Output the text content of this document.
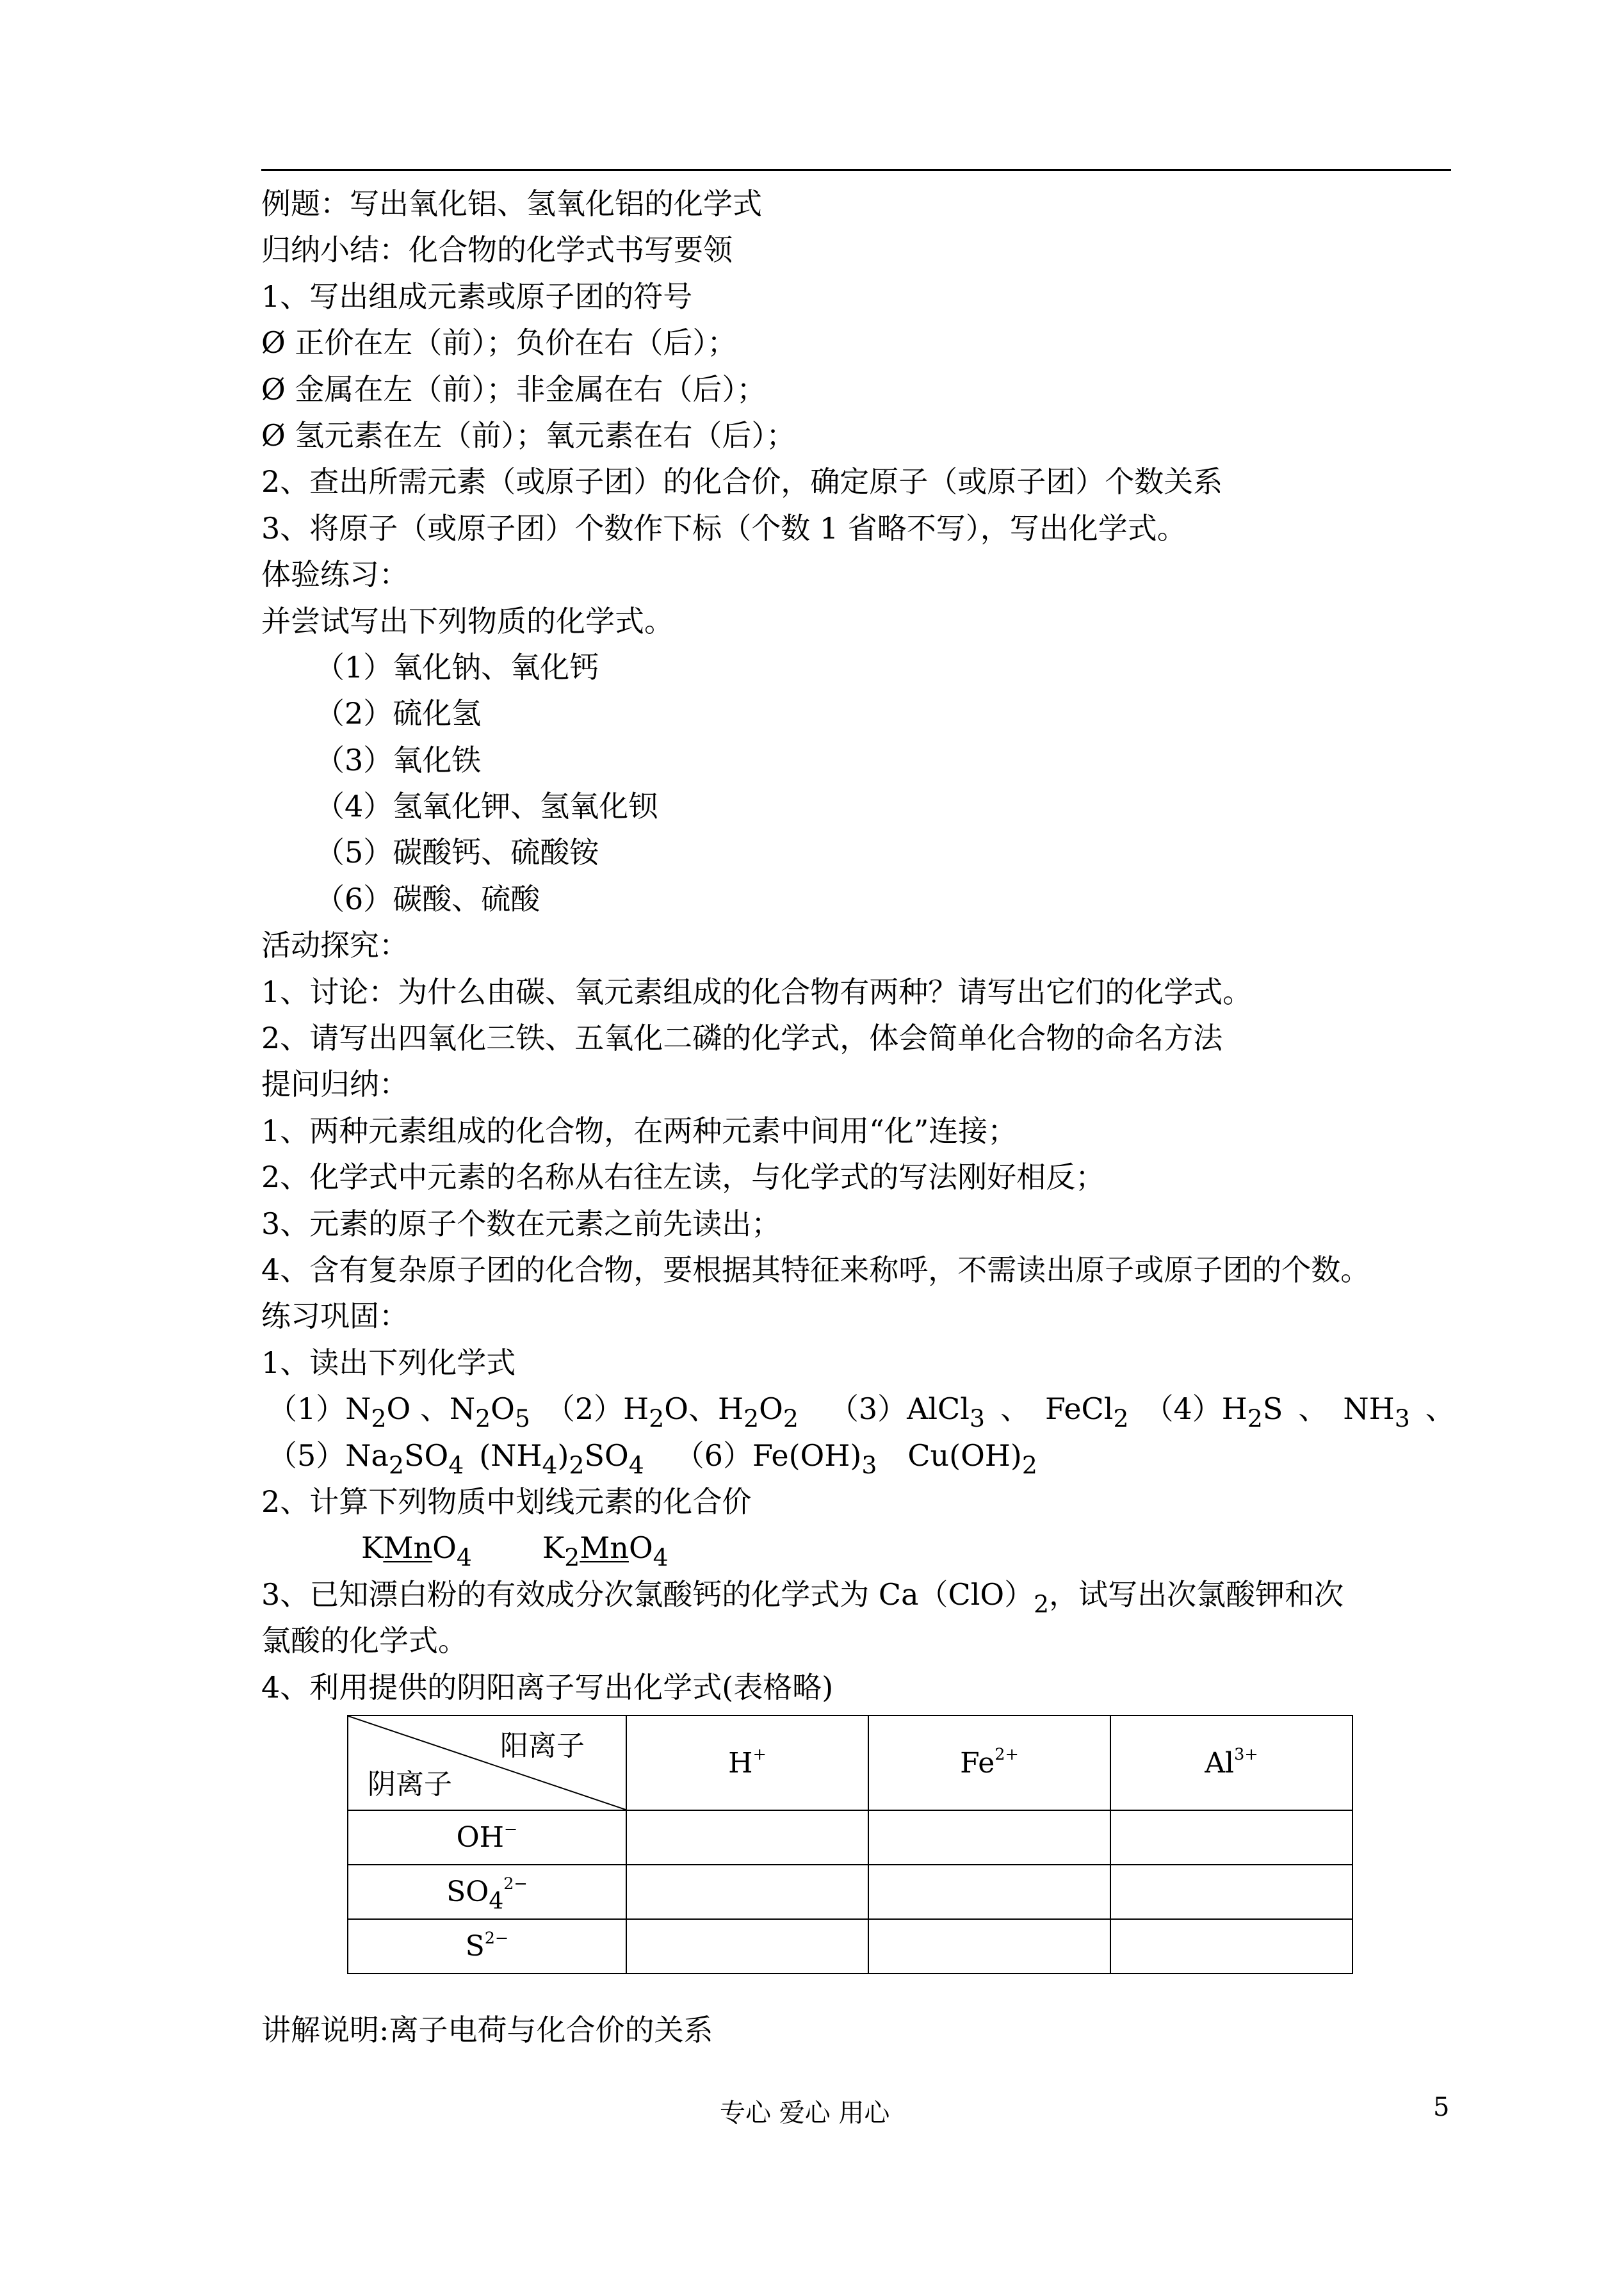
例题：写出氧化铝、氢氧化铝的化学式
归纳小结：化合物的化学式书写要领
1、写出组成元素或原子团的符号
Ø 正价在左（前）；负价在右（后）；
Ø 金属在左（前）；非金属在右（后）；
Ø 氢元素在左（前）；氧元素在右（后）；
2、查出所需元素（或原子团）的化合价，确定原子（或原子团）个数关系
3、将原子（或原子团）个数作下标（个数 1 省略不写），写出化学式。
体验练习：
并尝试写出下列物质的化学式。
（1）氧化钠、氧化钙
（2）硫化氢
（3）氧化铁
（4）氢氧化钾、氢氧化钡
（5）碳酸钙、硫酸铵
（6）碳酸、硫酸
活动探究：
1、讨论：为什么由碳、氧元素组成的化合物有两种？请写出它们的化学式。
2、请写出四氧化三铁、五氧化二磷的化学式，体会简单化合物的命名方法
提问归纳：
1、两种元素组成的化合物，在两种元素中间用“化”连接；
2、化学式中元素的名称从右往左读，与化学式的写法刚好相反；
3、元素的原子个数在元素之前先读出；
4、含有复杂原子团的化合物，要根据其特征来称呼，不需读出原子或原子团的个数。
练习巩固：
1、读出下列化学式
$(1)N_2O$ 、$N_2O_5$ $(2)H_2O$、$H_2O_2$ （3）AlCl$_3$ 、 FeCl$_2$ $(4)H_2S$ 、 $NH_3$ 、
$(5)Na_2SO_4$ $(NH_4)_2SO_4$ $(6)Fe(OH)_3$ $Cu(OH)_2$
2、计算下列物质中划线元素的化合价
KMnO$_4$ $K_2MnO_4$
3、已知漂白粉的有效成分次氯酸钙的化学式为 $Ca(ClO)_2$，试写出次氯酸钾和次
氯酸的化学式。
4、利用提供的阴阳离子写出化学式(表格略)
阳离子
阴离子	H+	$Fe^{2+}$	$Al^{3+}$
OH−			
$SO_4^{2-}$			
$S^{2-}$			
讲解说明:离子电荷与化合价的关系
专心 爱心 用心	5
